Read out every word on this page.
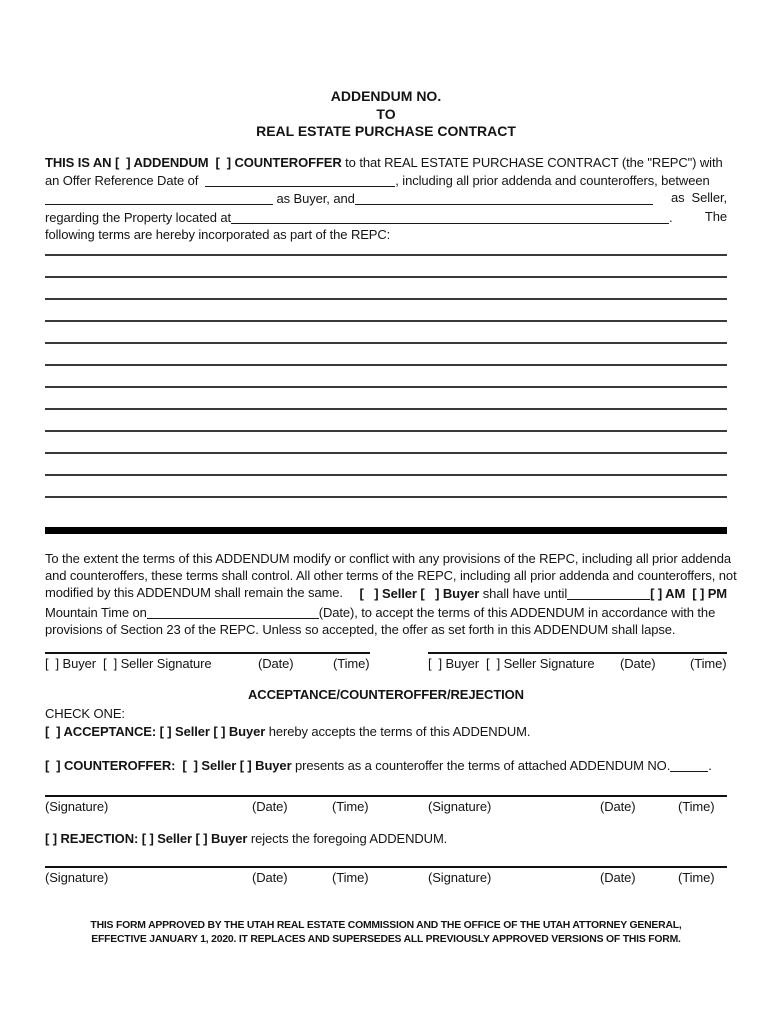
ADDENDUM NO.
TO
REAL ESTATE PURCHASE CONTRACT
THIS IS AN [  ] ADDENDUM  [  ] COUNTEROFFER to that REAL ESTATE PURCHASE CONTRACT (the "REPC") with
an Offer Reference Date of	, including all prior addenda and counteroffers, between
as Buyer, and	as  Seller,
regarding the Property located at	. The
following terms are hereby incorporated as part of the REPC:
To the extent the terms of this ADDENDUM modify or conflict with any provisions of the REPC, including all prior addenda
and counteroffers, these terms shall control. All other terms of the REPC, including all prior addenda and counteroffers, not
modified by this ADDENDUM shall remain the same. [   ] Seller [   ] Buyer shall have until	[ ] AM  [ ] PM
Mountain Time on	(Date), to accept the terms of this ADDENDUM in accordance with the
provisions of Section 23 of the REPC. Unless so accepted, the offer as set forth in this ADDENDUM shall lapse.
[  ] Buyer  [  ] Seller Signature	(Date)	(Time)	[  ] Buyer  [  ] Seller Signature	(Date)	(Time)
ACCEPTANCE/COUNTEROFFER/REJECTION
CHECK ONE:
[  ] ACCEPTANCE: [ ] Seller [ ] Buyer hereby accepts the terms of this ADDENDUM.
[  ] COUNTEROFFER:  [  ] Seller [ ] Buyer presents as a counteroffer the terms of attached ADDENDUM NO.	.
(Signature)	(Date)	(Time)	(Signature)	(Date)	(Time)
[ ] REJECTION: [ ] Seller [ ] Buyer rejects the foregoing ADDENDUM.
(Signature)	(Date)	(Time)	(Signature)	(Date)	(Time)
THIS FORM APPROVED BY THE UTAH REAL ESTATE COMMISSION AND THE OFFICE OF THE UTAH ATTORNEY GENERAL,
EFFECTIVE JANUARY 1, 2020. IT REPLACES AND SUPERSEDES ALL PREVIOUSLY APPROVED VERSIONS OF THIS FORM.
